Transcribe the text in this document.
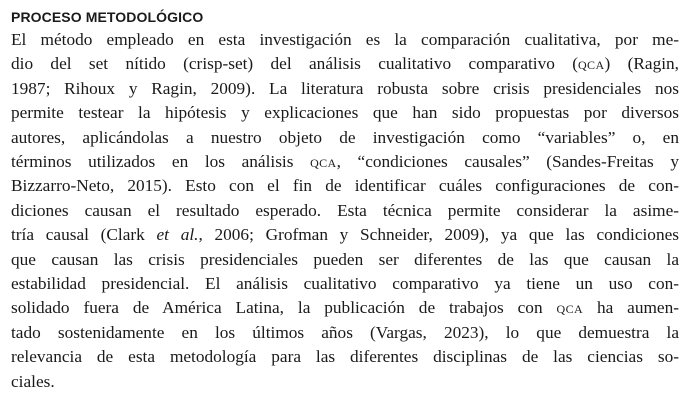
PROCESO METODOLÓGICO

El método empleado en esta investigación es la comparación cualitativa, por me-
dio del set nítido (crisp-set) del análisis cualitativo comparativo (qca) (Ragin,
1987; Rihoux y Ragin, 2009). La literatura robusta sobre crisis presidenciales nos
permite testear la hipótesis y explicaciones que han sido propuestas por diversos
autores, aplicándolas a nuestro objeto de investigación como “variables” o, en
términos utilizados en los análisis qca, “condiciones causales” (Sandes-Freitas y
Bizzarro-Neto, 2015). Esto con el fin de identificar cuáles configuraciones de con-
diciones causan el resultado esperado. Esta técnica permite considerar la asime-
tría causal (Clark et al., 2006; Grofman y Schneider, 2009), ya que las condiciones
que causan las crisis presidenciales pueden ser diferentes de las que causan la
estabilidad presidencial. El análisis cualitativo comparativo ya tiene un uso con-
solidado fuera de América Latina, la publicación de trabajos con qca ha aumen-
tado sostenidamente en los últimos años (Vargas, 2023), lo que demuestra la
relevancia de esta metodología para las diferentes disciplinas de las ciencias so-
ciales.
